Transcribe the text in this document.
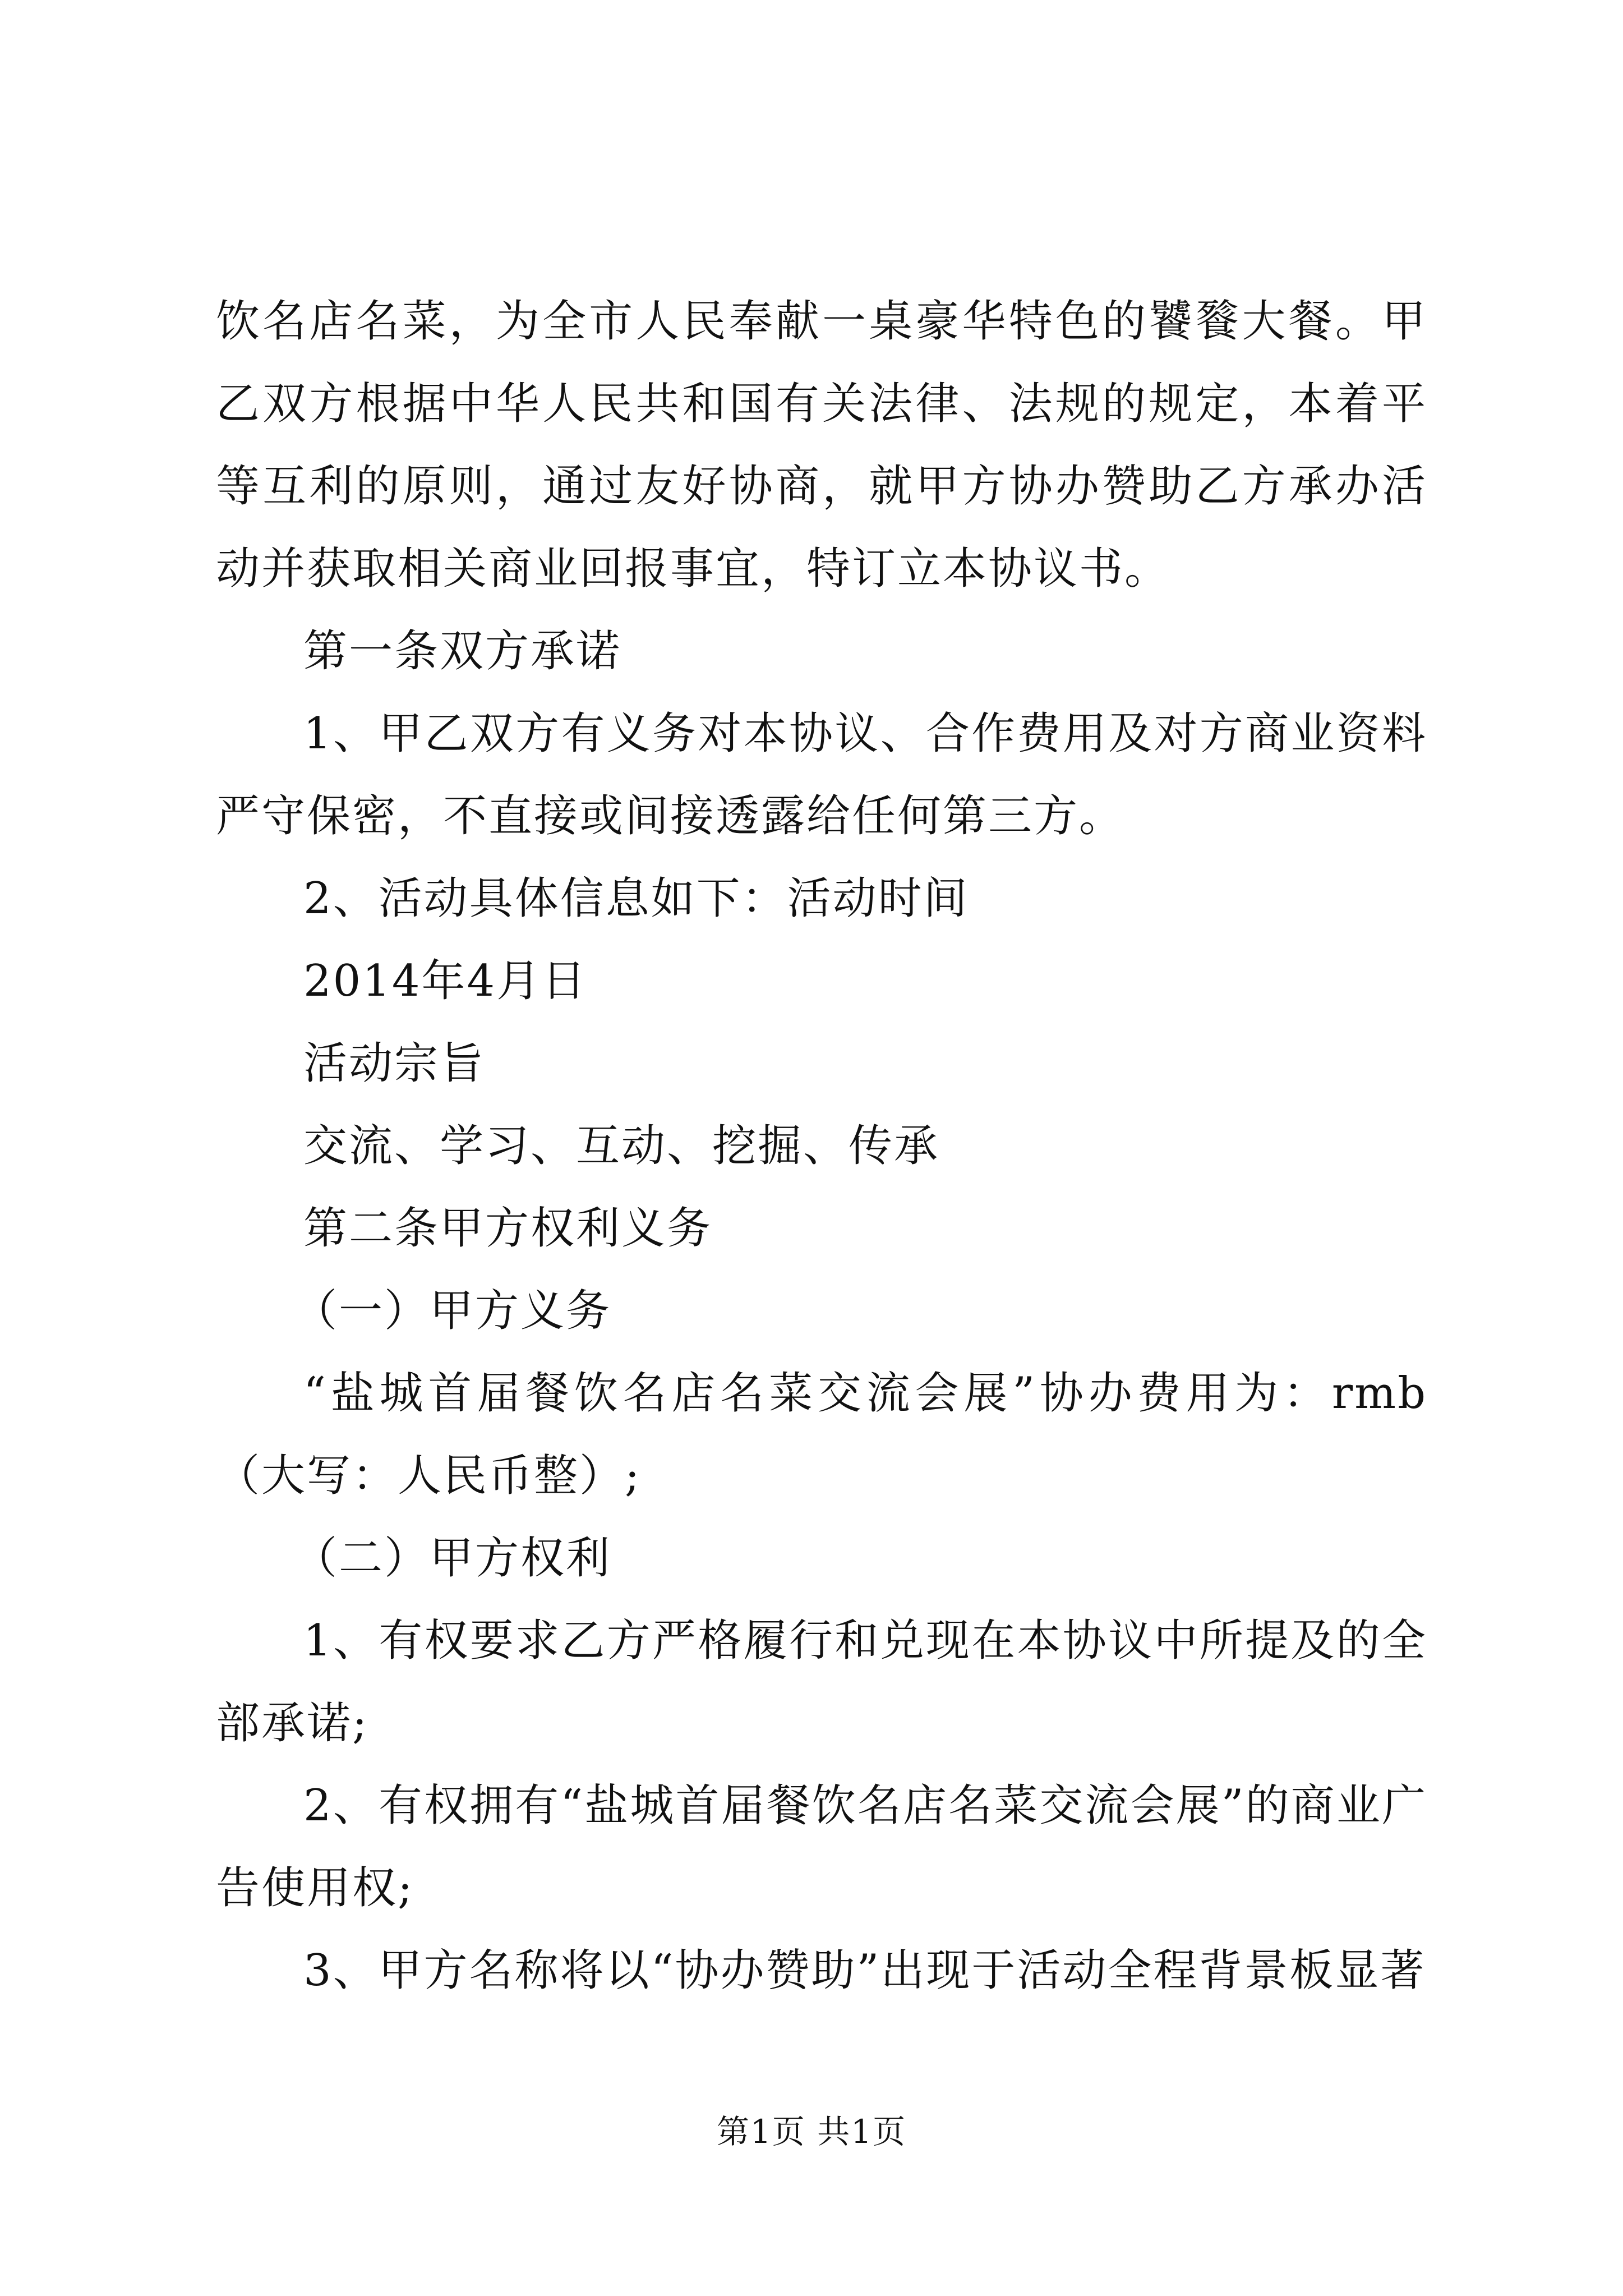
饮名店名菜，为全市人民奉献一桌豪华特色的饕餮大餐。甲乙双方根据中华人民共和国有关法律、法规的规定，本着平等互利的原则，通过友好协商，就甲方协办赞助乙方承办活动并获取相关商业回报事宜，特订立本协议书。

第一条双方承诺

1、甲乙双方有义务对本协议、合作费用及对方商业资料严守保密，不直接或间接透露给任何第三方。

2、活动具体信息如下：活动时间

2014年4月日

活动宗旨

交流、学习、互动、挖掘、传承

第二条甲方权利义务

（一）甲方义务

“盐城首届餐饮名店名菜交流会展”协办费用为：rmb（大写：人民币整）;

（二）甲方权利

1、有权要求乙方严格履行和兑现在本协议中所提及的全部承诺;

2、有权拥有“盐城首届餐饮名店名菜交流会展”的商业广告使用权;

3、甲方名称将以“协办赞助”出现于活动全程背景板显著

第1页 共1页
